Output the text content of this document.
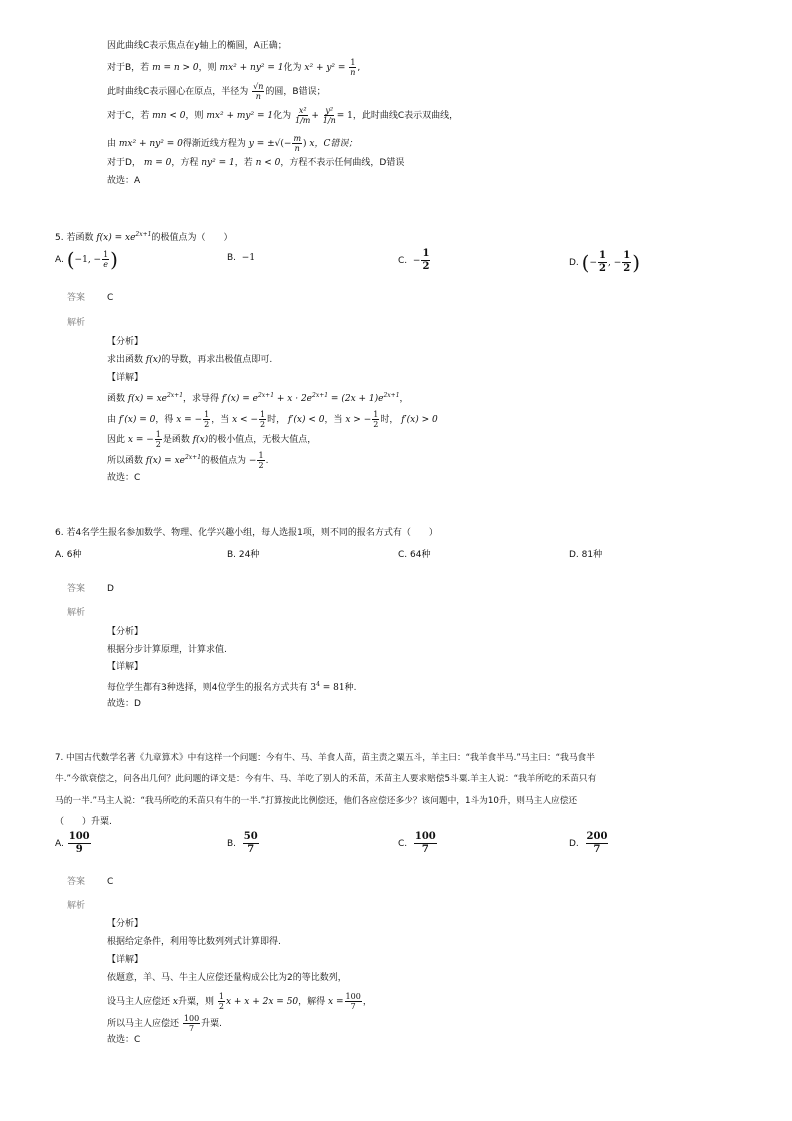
因此曲线C表示焦点在y轴上的椭圆，A正确；
对于B，若 m = n > 0，则 mx² + ny² = 1化为 $x^2 + y^2 = \frac{1}{n}$ ,
此时曲线C表示圆心在原点，半径为 $\frac{√n}{n}$ 的圆，B错误；
对于C，若 mn < 0，则 mx² + my² = 1化为 $\frac{\text{x²}}{1/m} + \frac{\text{y²}}{1/n} = 1$，此时曲线C表示双曲线，
由 mx² + ny² = 0得渐近线方程为 y = ±√(− $\frac{m}{n}$ ) x，C错误；
对于D， m = 0，方程 ny² = 1，若 n < 0，方程不表示任何曲线，D错误
故选：A
5. 若函数 $f(x) = xe^{2x+1}$的极值点为（　　）
A. (−1, − $\frac{1}{e}$ )	B. −1	C. − $\frac{1}{2}$	D. (− $\frac{1}{2}$ , − $\frac{1}{2}$ )
答案 C
解析
【分析】
求出函数 f(x)的导数，再求出极值点即可.
【详解】
函数 $f(x) = xe^{2x+1}$，求导得 $f'(x) = e^{2x+1} + x \cdot 2e^{2x+1} = (2x + 1)e^{2x+1}$，
由 f′(x) = 0，得 x = − $\frac{1}{2}$ ，当 x < − $\frac{1}{2}$ 时， f′(x) < 0，当 x > − $\frac{1}{2}$ 时， f′(x) > 0
因此 x = − $\frac{1}{2}$ 是函数 f(x)的极小值点，无极大值点，
所以函数 $f(x) = xe^{2x+1}$的极值点为 − $\frac{1}{2}$ .
故选：C
6. 若4名学生报名参加数学、物理、化学兴趣小组，每人选报1项，则不同的报名方式有（　　）
A. 6种	B. 24种	C. 64种	D. 81种
答案 D
解析
【分析】
根据分步计算原理，计算求值.
【详解】
每位学生都有3种选择，则4位学生的报名方式共有 $3^4 = 81$种.
故选：D
7. 中国古代数学名著《九章算术》中有这样一个问题：今有牛、马、羊食人苗，苗主责之粟五斗，羊主曰：“我羊食半马.”马主曰：“我马食半
牛.”今欲衰偿之，问各出几何？此问题的译文是：今有牛、马、羊吃了别人的禾苗，禾苗主人要求赔偿5斗粟.羊主人说：“我羊所吃的禾苗只有
马的一半.”马主人说：“我马所吃的禾苗只有牛的一半.”打算按此比例偿还，他们各应偿还多少？该问题中，1斗为10升，则马主人应偿还
（　　）升粟.
A. $\frac{100}{9}$	B. $\frac{50}{7}$	C. $\frac{100}{7}$	D. $\frac{200}{7}$
答案 C
解析
【分析】
根据给定条件，利用等比数列列式计算即得.
【详解】
依题意，羊、马、牛主人应偿还量构成公比为2的等比数列，
设马主人应偿还 x升粟，则 $\frac{1}{2}$ x + x + 2x = 50，解得 $x = \frac{100}{7}$ ，
所以马主人应偿还 $\frac{100}{7}$ 升粟.
故选：C
